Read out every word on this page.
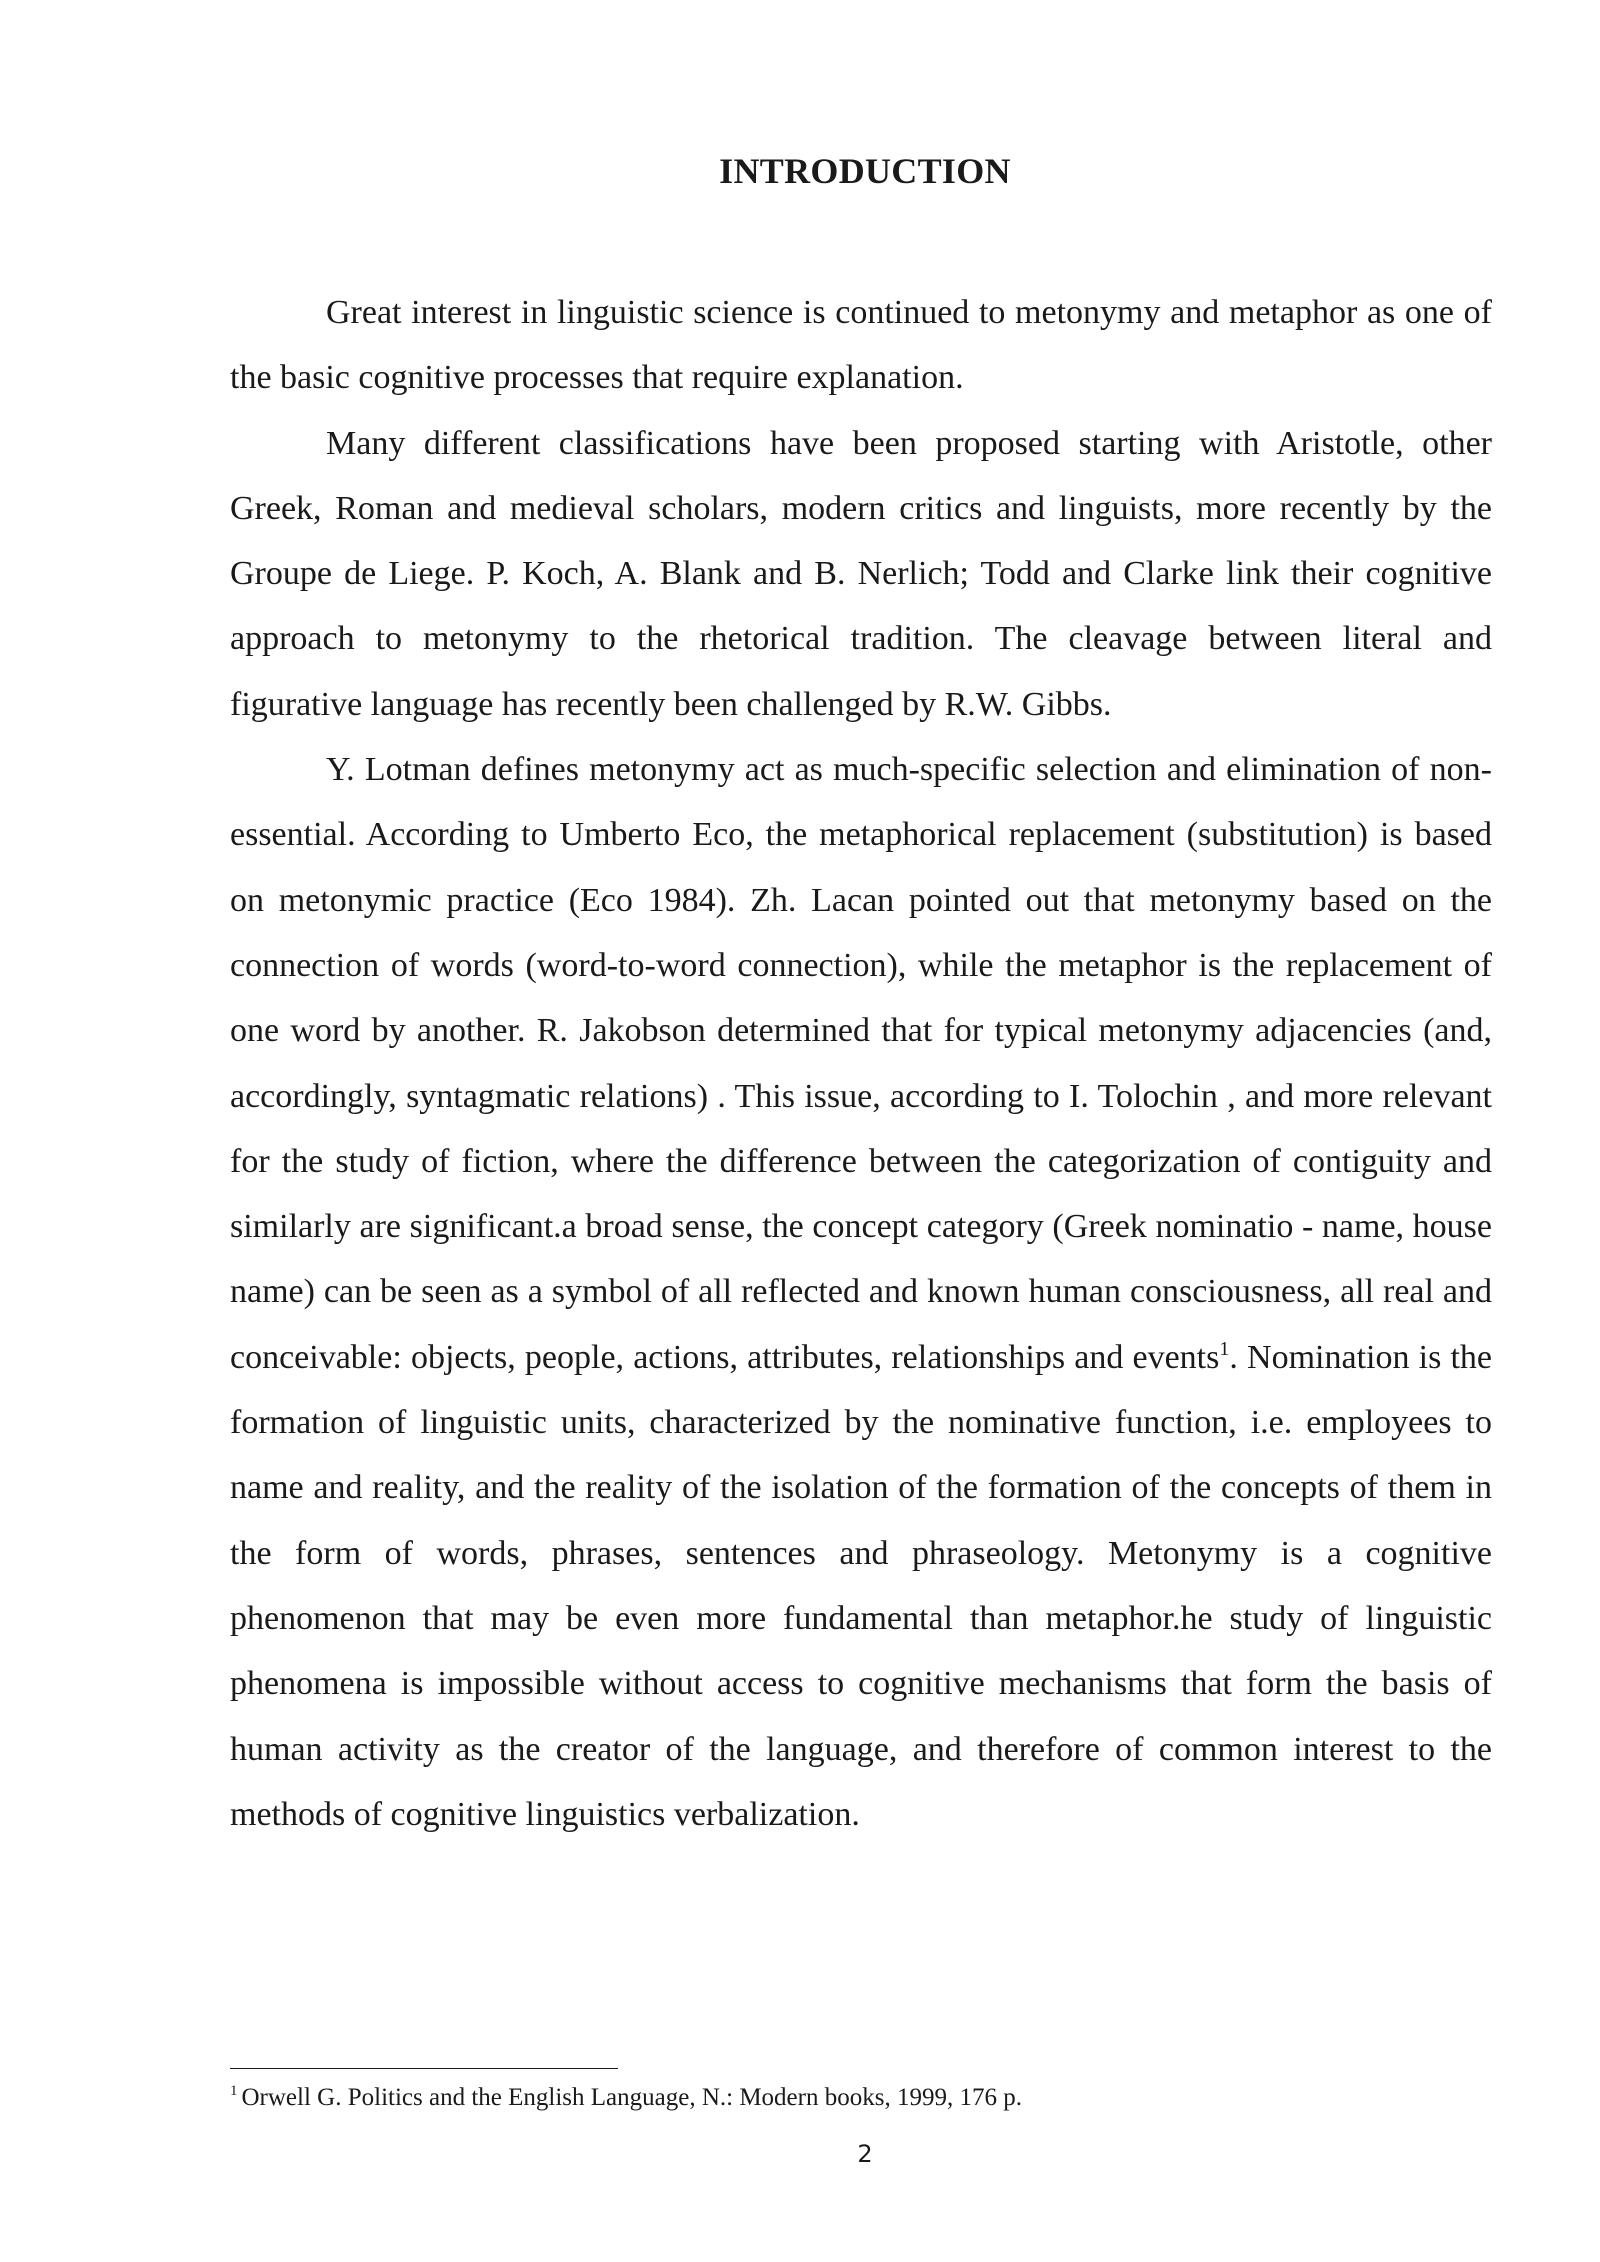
INTRODUCTION

Great interest in linguistic science is continued to metonymy and metaphor as one of the basic cognitive processes that require explanation.

Many different classifications have been proposed starting with Aristotle, other Greek, Roman and medieval scholars, modern critics and linguists, more recently by the Groupe de Liege. P. Koch, A. Blank and B. Nerlich; Todd and Clarke link their cognitive approach to metonymy to the rhetorical tradition. The cleavage between literal and figurative language has recently been challenged by R.W. Gibbs.

Y. Lotman defines metonymy act as much-specific selection and elimination of non-essential. According to Umberto Eco, the metaphorical replacement (substitution) is based on metonymic practice (Eco 1984). Zh. Lacan pointed out that metonymy based on the connection of words (word-to-word connection), while the metaphor is the replacement of one word by another. R. Jakobson determined that for typical metonymy adjacencies (and, accordingly, syntagmatic relations) . This issue, according to I. Tolochin , and more relevant for the study of fiction, where the difference between the categorization of contiguity and similarly are significant.a broad sense, the concept category (Greek nominatio - name, house name) can be seen as a symbol of all reflected and known human consciousness, all real and conceivable: objects, people, actions, attributes, relationships and events$^1$. Nomination is the formation of linguistic units, characterized by the nominative function, i.e. employees to name and reality, and the reality of the isolation of the formation of the concepts of them in the form of words, phrases, sentences and phraseology. Metonymy is a cognitive phenomenon that may be even more fundamental than metaphor.he study of linguistic phenomena is impossible without access to cognitive mechanisms that form the basis of human activity as the creator of the language, and therefore of common interest to the methods of cognitive linguistics verbalization.

$^1$ Orwell G. Politics and the English Language, N.: Modern books, 1999, 176 p.

2
